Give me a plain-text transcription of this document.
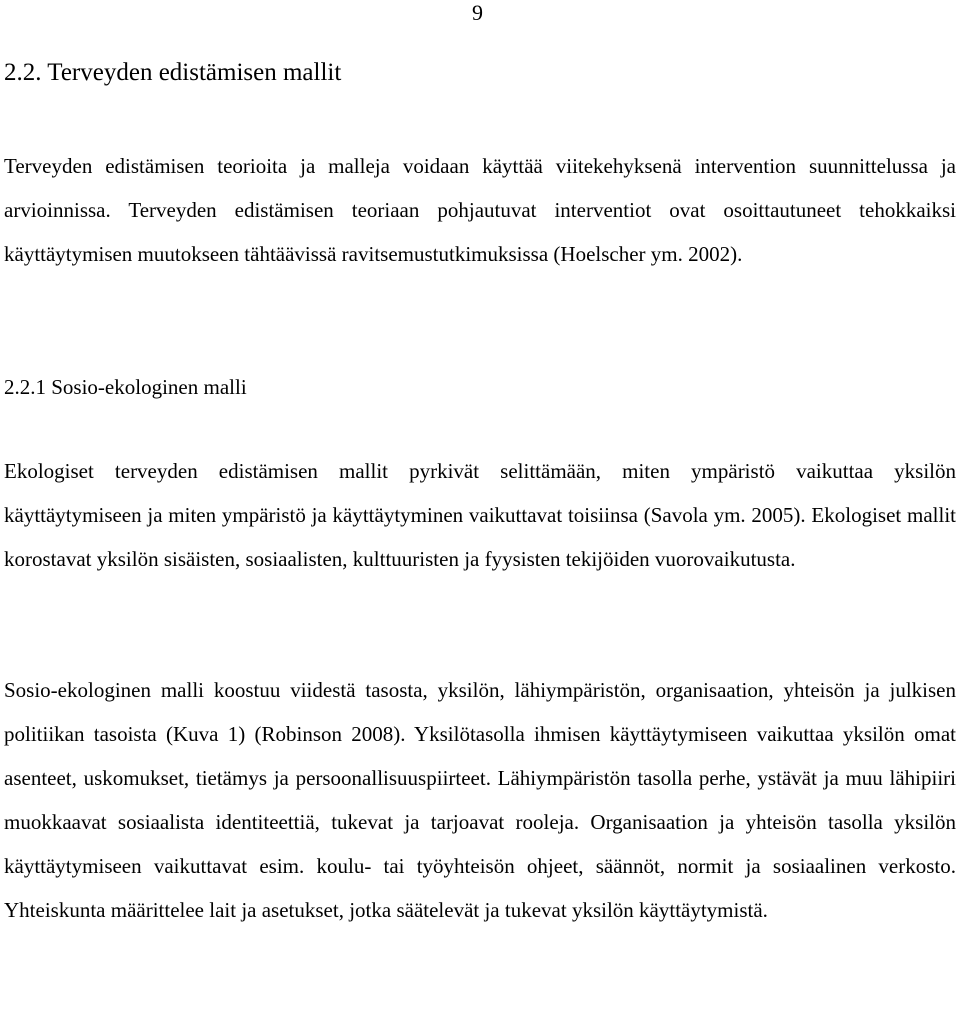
9
2.2. Terveyden edistämisen mallit

Terveyden edistämisen teorioita ja malleja voidaan käyttää viitekehyksenä intervention suunnittelussa ja arvioinnissa. Terveyden edistämisen teoriaan pohjautuvat interventiot ovat osoittautuneet tehokkaiksi käyttäytymisen muutokseen tähtäävissä ravitsemustutkimuksissa (Hoelscher ym. 2002).

2.2.1 Sosio-ekologinen malli

Ekologiset terveyden edistämisen mallit pyrkivät selittämään, miten ympäristö vaikuttaa yksilön käyttäytymiseen ja miten ympäristö ja käyttäytyminen vaikuttavat toisiinsa (Savola ym. 2005). Ekologiset mallit korostavat yksilön sisäisten, sosiaalisten, kulttuuristen ja fyysisten tekijöiden vuorovaikutusta.

Sosio-ekologinen malli koostuu viidestä tasosta, yksilön, lähiympäristön, organisaation, yhteisön ja julkisen politiikan tasoista (Kuva 1) (Robinson 2008). Yksilötasolla ihmisen käyttäytymiseen vaikuttaa yksilön omat asenteet, uskomukset, tietämys ja persoonallisuuspiirteet. Lähiympäristön tasolla perhe, ystävät ja muu lähipiiri muokkaavat sosiaalista identiteettiä, tukevat ja tarjoavat rooleja. Organisaation ja yhteisön tasolla yksilön käyttäytymiseen vaikuttavat esim. koulu- tai työyhteisön ohjeet, säännöt, normit ja sosiaalinen verkosto. Yhteiskunta määrittelee lait ja asetukset, jotka säätelevät ja tukevat yksilön käyttäytymistä.
